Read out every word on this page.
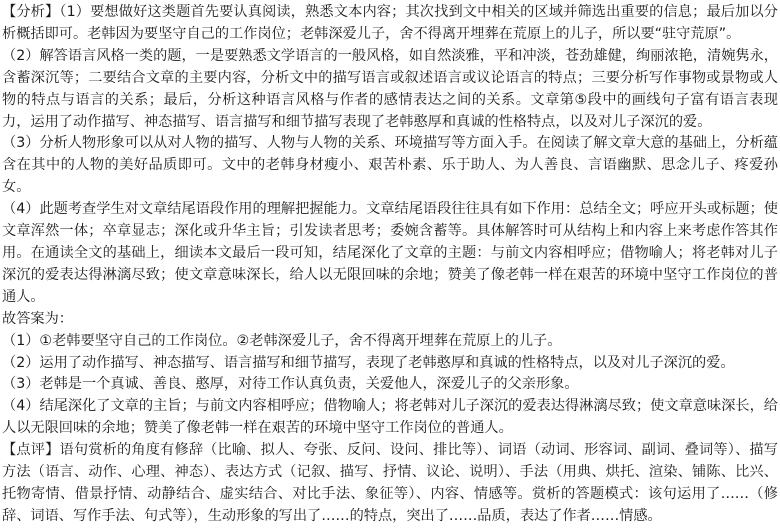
【分析】（1）要想做好这类题首先要认真阅读，熟悉文本内容；其次找到文中相关的区域并筛选出重要的信息；最后加以分析概括即可。老韩因为要坚守自己的工作岗位；老韩深爱儿子，舍不得离开埋葬在荒原上的儿子，所以要“驻守荒原”。

（2）解答语言风格一类的题，一是要熟悉文学语言的一般风格，如自然淡雅，平和冲淡，苍劲雄健，绚丽浓艳，清婉隽永，含蓄深沉等；二要结合文章的主要内容，分析文中的描写语言或叙述语言或议论语言的特点；三要分析写作事物或景物或人物的特点与语言的关系；最后，分析这种语言风格与作者的感情表达之间的关系。文章第⑤段中的画线句子富有语言表现力，运用了动作描写、神态描写、语言描写和细节描写表现了老韩憨厚和真诚的性格特点，以及对儿子深沉的爱。

（3）分析人物形象可以从对人物的描写、人物与人物的关系、环境描写等方面入手。在阅读了解文章大意的基础上，分析蕴含在其中的人物的美好品质即可。文中的老韩身材瘦小、艰苦朴素、乐于助人、为人善良、言语幽默、思念儿子、疼爱孙女。

（4）此题考查学生对文章结尾语段作用的理解把握能力。文章结尾语段往往具有如下作用：总结全文；呼应开头或标题；使文章浑然一体；卒章显志；深化或升华主旨；引发读者思考；委婉含蓄等。具体解答时可从结构上和内容上来考虑作答其作用。在通读全文的基础上，细读本文最后一段可知，结尾深化了文章的主题：与前文内容相呼应；借物喻人；将老韩对儿子深沉的爱表达得淋漓尽致；使文章意味深长，给人以无限回味的余地；赞美了像老韩一样在艰苦的环境中坚守工作岗位的普通人。

故答案为：

（1）①老韩要坚守自己的工作岗位。②老韩深爱儿子，舍不得离开埋葬在荒原上的儿子。

（2）运用了动作描写、神态描写、语言描写和细节描写，表现了老韩憨厚和真诚的性格特点，以及对儿子深沉的爱。

（3）老韩是一个真诚、善良、憨厚，对待工作认真负责，关爱他人，深爱儿子的父亲形象。

（4）结尾深化了文章的主旨；与前文内容相呼应；借物喻人；将老韩对儿子深沉的爱表达得淋漓尽致；使文章意味深长，给人以无限回味的余地；赞美了像老韩一样在艰苦的环境中坚守工作岗位的普通人。

【点评】语句赏析的角度有修辞（比喻、拟人、夸张、反问、设问、排比等）、词语（动词、形容词、副词、叠词等）、描写方法（语言、动作、心理、神态）、表达方式（记叙、描写、抒情、议论、说明）、手法（用典、烘托、渲染、铺陈、比兴、托物寄情、借景抒情、动静结合、虚实结合、对比手法、象征等）、内容、情感等。赏析的答题模式：该句运用了……（修辞、词语、写作手法、句式等），生动形象的写出了……的特点，突出了……品质，表达了作者……情感。
